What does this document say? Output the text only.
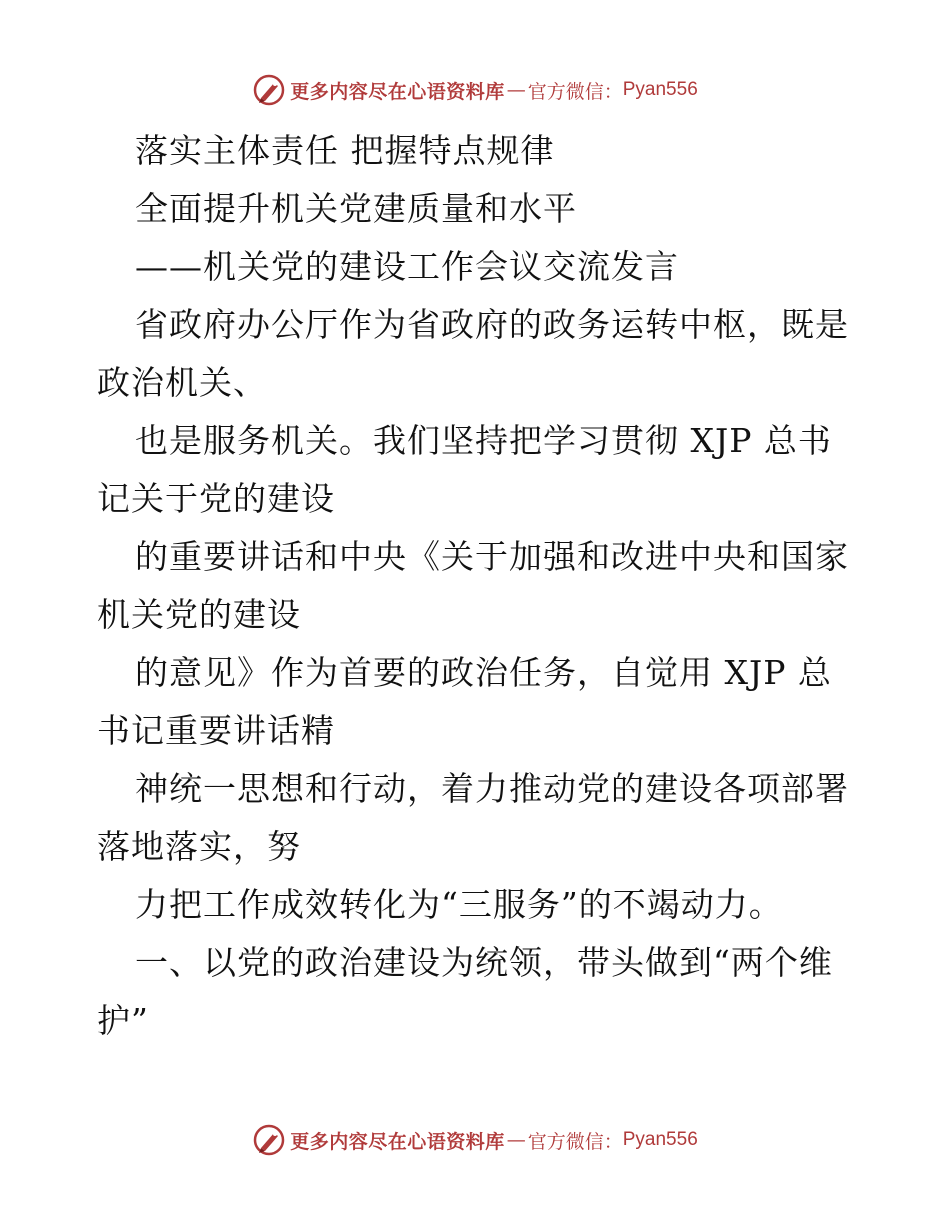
更多内容尽在心语资料库 — 官方微信： Pyan556
落实主体责任 把握特点规律
全面提升机关党建质量和水平
——机关党的建设工作会议交流发言
省政府办公厅作为省政府的政务运转中枢，既是
政治机关、
也是服务机关。我们坚持把学习贯彻 XJP 总书
记关于党的建设
的重要讲话和中央《关于加强和改进中央和国家
机关党的建设
的意见》作为首要的政治任务，自觉用 XJP 总
书记重要讲话精
神统一思想和行动，着力推动党的建设各项部署
落地落实，努
力把工作成效转化为“三服务”的不竭动力。
一、以党的政治建设为统领，带头做到“两个维
护”
更多内容尽在心语资料库 — 官方微信： Pyan556
